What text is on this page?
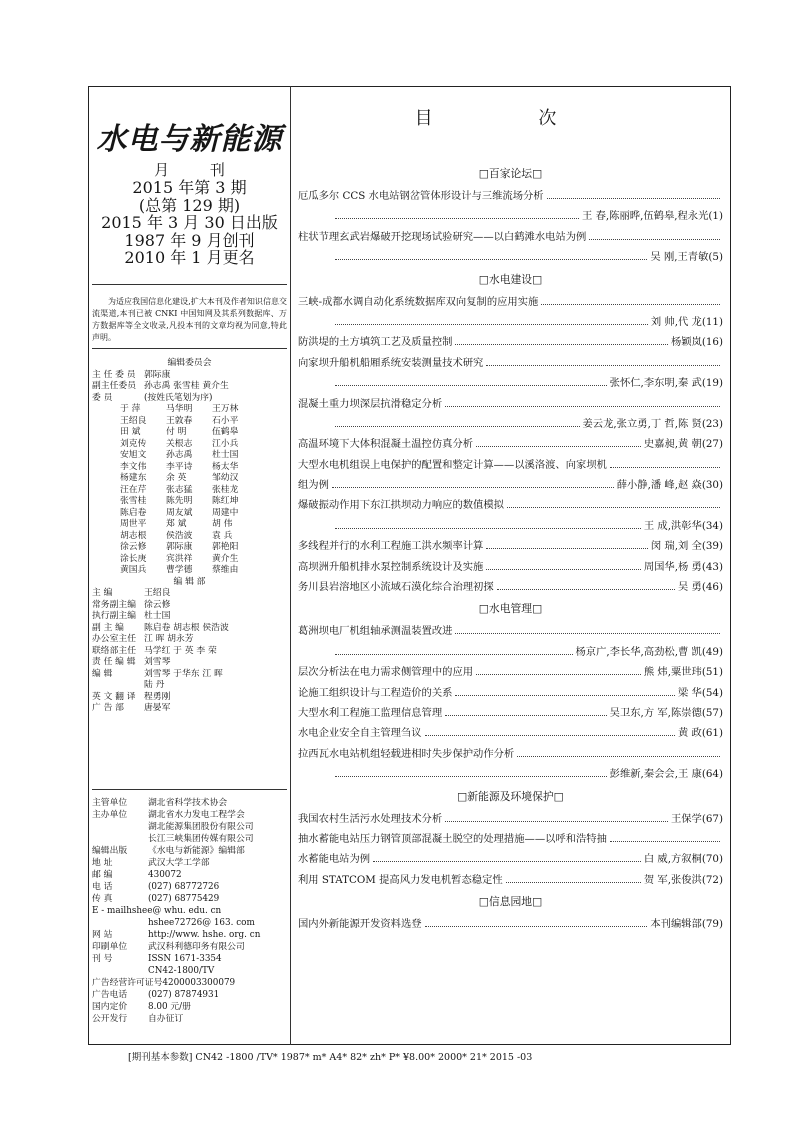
水电与新能源
月 刊
2015 年第 3 期
(总第 129 期)
2015 年 3 月 30 日出版
1987 年 9 月创刊
2010 年 1 月更名
为适应我国信息化建设,扩大本刊及作者知识信息交流渠道,本刊已被 CNKI 中国知网及其系列数据库、万方数据库等全文收录,凡投本刊的文章均视为同意,特此声明。
编辑委员会
主 任 委 员 郭际康
副主任委员 孙志禹 张雪桂 黄介生
委 员	(按姓氏笔划为序)
于 萍	马华明	王万林
王绍良	王敦春	石小平
田 斌	付 明	伍鹤皋
刘克传	关根志	江小兵
安旭文	孙志禹	杜士国
李文伟	李平诗	杨太华
杨建东	余 英	邹幼汉
汪在芹	张志猛	张桂龙
张雪桂	陈先明	陈红坤
陈启卷	周友斌	周建中
周世平	郑 斌	胡 伟
胡志根	侯浩波	袁 兵
徐云修	郭际康	郭艳阳
涂长庚	宾洪祥	黄介生
黄国兵	曹学德	蔡维由
编 辑 部
主 编	王绍良
常务副主编 徐云修
执行副主编 杜士国
副 主 编	陈启卷 胡志根 侯浩波
办公室主任 江 晖 胡永芳
联络部主任 马学红 于 英 李 荣
责 任 编 辑 刘雪琴
编 辑	刘雪琴 于华东 江 晖
陆 丹
英 文 翻 译 程勇刚
广 告 部	唐晏军
主管单位	湖北省科学技术协会
主办单位	湖北省水力发电工程学会
湖北能源集团股份有限公司
长江三峡集团传媒有限公司
编辑出版	《水电与新能源》编辑部
地 址	武汉大学工学部
邮 编	430072
电 话	(027) 68772726
传 真	(027) 68775429
E - mail hshee@ whu. edu. cn
hshee72726@ 163. com
网 站	http://www. hshe. org. cn
印刷单位	武汉科利德印务有限公司
刊 号	ISSN 1671-3354
CN42-1800/TV
广告经营许可证号 4200003300079
广告电话	(027) 87874931
国内定价	8.00 元/册
公开发行	自办征订
目 次
□百家论坛□
厄瓜多尔 CCS 水电站钢岔管体形设计与三维流场分析
王 春,陈丽晔,伍鹤皋,程永光 (1)
柱状节理玄武岩爆破开挖现场试验研究——以白鹤滩水电站为例
吴 刚,王青敏 (5)
□水电建设□
三峡-成都水调自动化系统数据库双向复制的应用实施
刘 帅,代 龙 (11)
防洪堤的土方填筑工艺及质量控制	杨颖岚 (16)
向家坝升船机船厢系统安装测量技术研究
张怀仁,李东明,秦 武 (19)
混凝土重力坝深层抗滑稳定分析
姜云龙,张立勇,丁 哲,陈 贤 (23)
高温环境下大体积混凝土温控仿真分析	史嘉昶,黄 朝 (27)
大型水电机组误上电保护的配置和整定计算——以溪洛渡、向家坝机
组为例	薛小静,潘 峰,赵 焱 (30)
爆破振动作用下东江拱坝动力响应的数值模拟
王 成,洪彰华 (34)
多线程并行的水利工程施工洪水频率计算	闵 瑞,刘 全 (39)
高坝洲升船机排水泵控制系统设计及实施	周国华,杨 勇 (43)
务川县岩溶地区小流域石漠化综合治理初探	吴 勇 (46)
□水电管理□
葛洲坝电厂机组轴承测温装置改进
杨京广,李长华,高劲松,曹 凯 (49)
层次分析法在电力需求侧管理中的应用	熊 炜,粟世玮 (51)
论施工组织设计与工程造价的关系	梁 华 (54)
大型水利工程施工监理信息管理	吴卫东,方 军,陈崇德 (57)
水电企业安全自主管理刍议	黄 政 (61)
拉西瓦水电站机组轻载进相时失步保护动作分析
彭维新,秦会会,王 康 (64)
□新能源及环境保护□
我国农村生活污水处理技术分析	王保学 (67)
抽水蓄能电站压力钢管顶部混凝土脱空的处理措施——以呼和浩特抽
水蓄能电站为例	白 威,方叙桐 (70)
利用 STATCOM 提高风力发电机暂态稳定性	贺 军,张俊洪 (72)
□信息园地□
国内外新能源开发资料选登	本刊编辑部 (79)
[期刊基本参数] CN42 -1800 /TV* 1987* m* A4* 82* zh* P* ¥8.00* 2000* 21* 2015 -03
